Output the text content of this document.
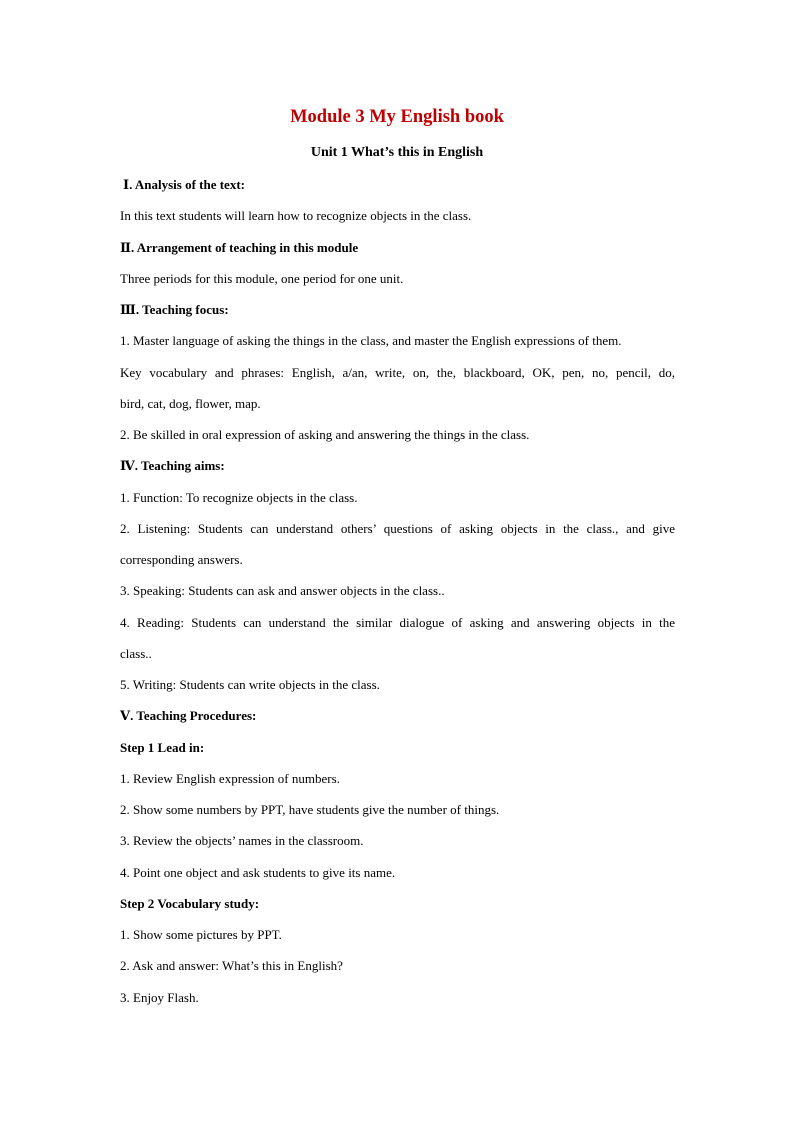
Module 3 My English book
Unit 1 What’s this in English
Ⅰ. Analysis of the text:
In this text students will learn how to recognize objects in the class.
Ⅱ. Arrangement of teaching in this module
Three periods for this module, one period for one unit.
Ⅲ. Teaching focus:
1. Master language of asking the things in the class, and master the English expressions of them.
Key vocabulary and phrases: English, a/an, write, on, the, blackboard, OK, pen, no, pencil, do,
bird, cat, dog, flower, map.
2. Be skilled in oral expression of asking and answering the things in the class.
Ⅳ. Teaching aims:
1. Function: To recognize objects in the class.
2. Listening: Students can understand others’ questions of asking objects in the class., and give
corresponding answers.
3. Speaking: Students can ask and answer objects in the class..
4. Reading: Students can understand the similar dialogue of asking and answering objects in the
class..
5. Writing: Students can write objects in the class.
Ⅴ. Teaching Procedures:
Step 1 Lead in:
1. Review English expression of numbers.
2. Show some numbers by PPT, have students give the number of things.
3. Review the objects’ names in the classroom.
4. Point one object and ask students to give its name.
Step 2 Vocabulary study:
1. Show some pictures by PPT.
2. Ask and answer: What’s this in English?
3. Enjoy Flash.
